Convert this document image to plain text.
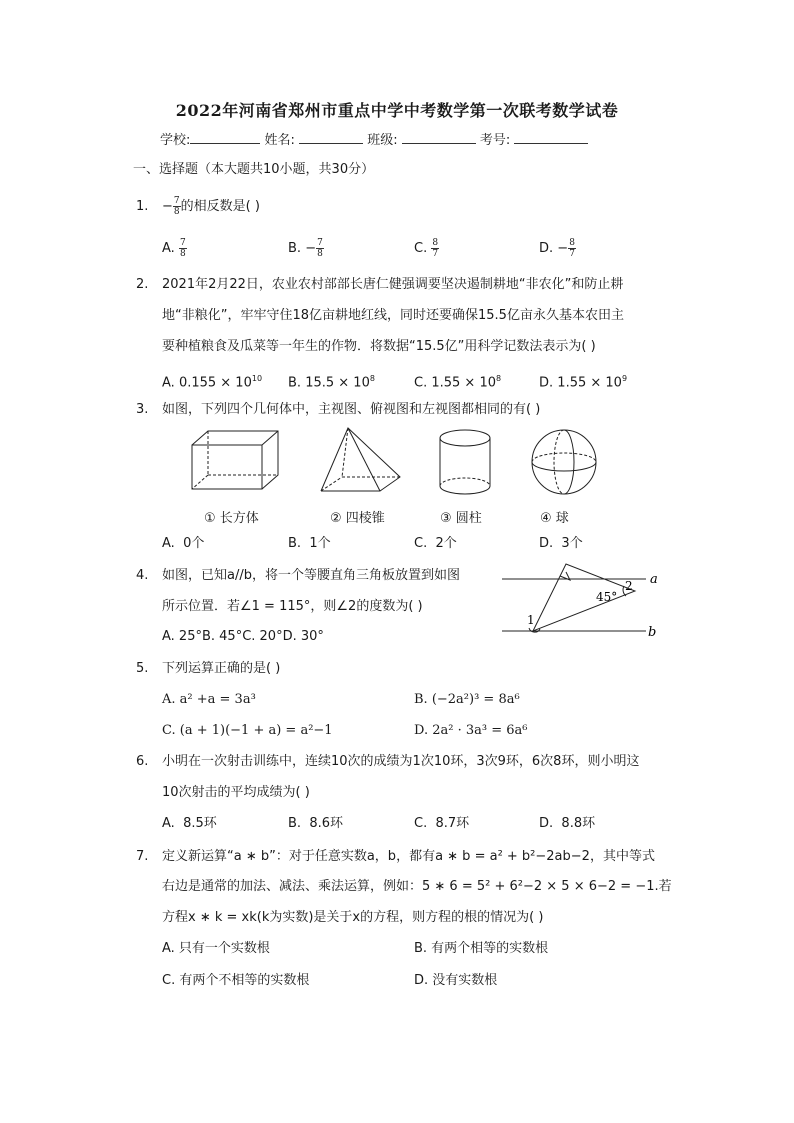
2022年河南省郑州市重点中学中考数学第一次联考数学试卷
学校:	姓名:	班级:	考号:
一、选择题（本大题共10小题，共30分）
1. − $\frac{7}{8}$ 的相反数是( )
A. $\frac{7}{8}$	B. − $\frac{7}{8}$	C. $\frac{8}{7}$	D. − $\frac{8}{7}$
2. 2021年2月22日，农业农村部部长唐仁健强调要坚决遏制耕地“非农化”和防止耕
地“非粮化”，牢牢守住18亿亩耕地红线，同时还要确保15.5亿亩永久基本农田主
要种植粮食及瓜菜等一年生的作物．将数据“15.5亿”用科学记数法表示为( )
A. $0.155 \times 10^{10}$ B. $15.5 \times 10^8$	C. $1.55 \times 10^8$	D. $1.55 \times 10^9$
3. 如图，下列四个几何体中，主视图、俯视图和左视图都相同的有( )
① 长方体	② 四棱锥	③ 圆柱	④ 球
A. 0个	B. 1个	C. 2个	D. 3个
4. 如图，已知a//b，将一个等腰直角三角板放置到如图
所示位置．若∠1 = 115°，则∠2的度数为( )
A. 25°B. 45°C. 20°D. 30°
a
b
45°
1
2
5. 下列运算正确的是( )
A. a² +a = 3a³	B. (−2a²)³ = 8a⁶
C. (a + 1)(−1 + a) = a²−1	D. 2a² · 3a³ = 6a⁶
6. 小明在一次射击训练中，连续10次的成绩为1次10环，3次9环，6次8环，则小明这
10次射击的平均成绩为( )
A. 8.5环	B. 8.6环	C. 8.7环	D. 8.8环
7. 定义新运算“a ∗ b”：对于任意实数a，b，都有a ∗ b = a² + b²−2ab−2，其中等式
右边是通常的加法、减法、乘法运算，例如：5 ∗ 6 = 5² + 6²−2 × 5 × 6−2 = −1.若
方程x ∗ k = xk(k为实数)是关于x的方程，则方程的根的情况为( )
A. 只有一个实数根	B. 有两个相等的实数根
C. 有两个不相等的实数根	D. 没有实数根
